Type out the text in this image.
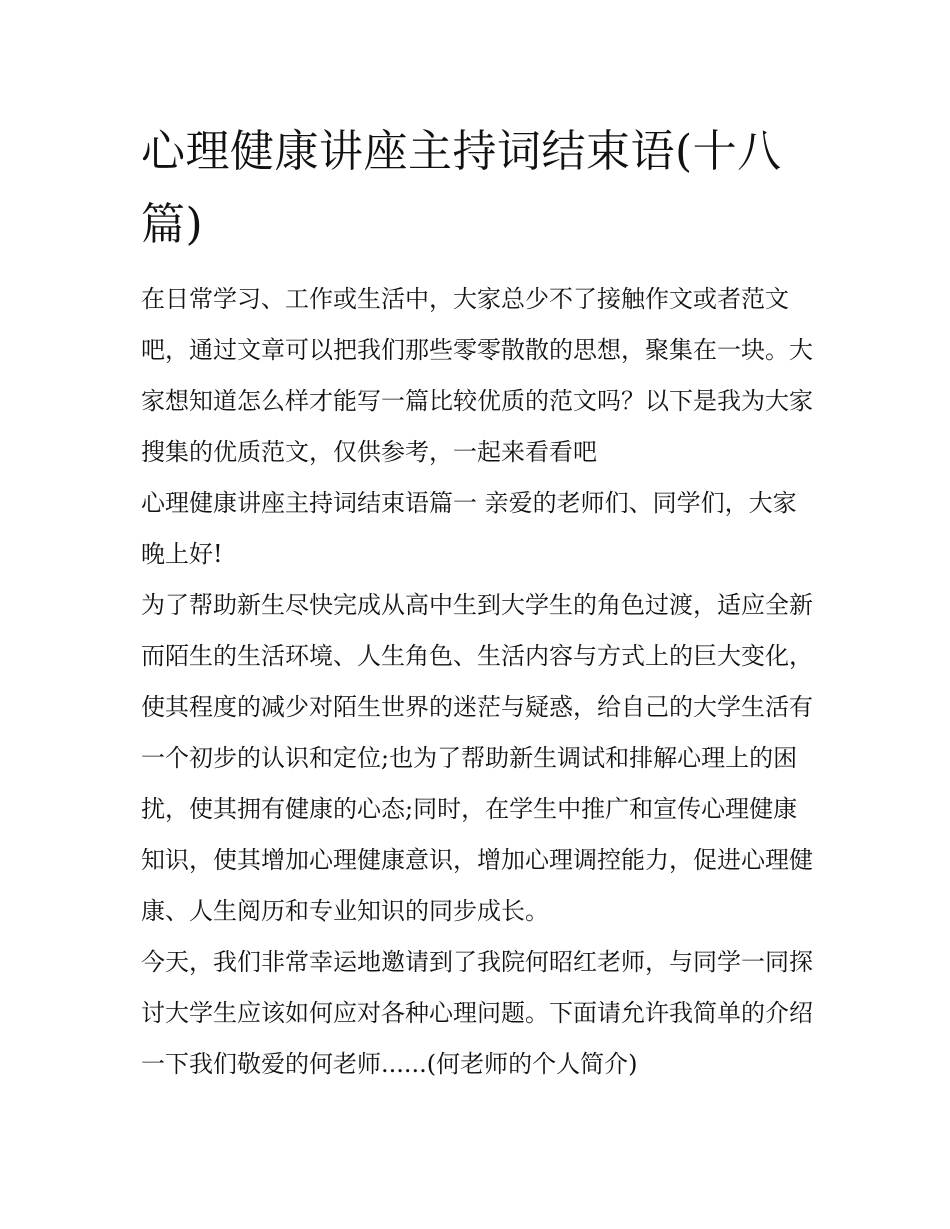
心理健康讲座主持词结束语(十八篇)

在日常学习、工作或生活中，大家总少不了接触作文或者范文吧，通过文章可以把我们那些零零散散的思想，聚集在一块。大家想知道怎么样才能写一篇比较优质的范文吗？以下是我为大家搜集的优质范文，仅供参考，一起来看看吧

心理健康讲座主持词结束语篇一 亲爱的老师们、同学们，大家晚上好!

为了帮助新生尽快完成从高中生到大学生的角色过渡，适应全新而陌生的生活环境、人生角色、生活内容与方式上的巨大变化，使其程度的减少对陌生世界的迷茫与疑惑，给自己的大学生活有一个初步的认识和定位;也为了帮助新生调试和排解心理上的困扰，使其拥有健康的心态;同时，在学生中推广和宣传心理健康知识，使其增加心理健康意识，增加心理调控能力，促进心理健康、人生阅历和专业知识的同步成长。

今天，我们非常幸运地邀请到了我院何昭红老师，与同学一同探讨大学生应该如何应对各种心理问题。下面请允许我简单的介绍一下我们敬爱的何老师......(何老师的个人简介)
